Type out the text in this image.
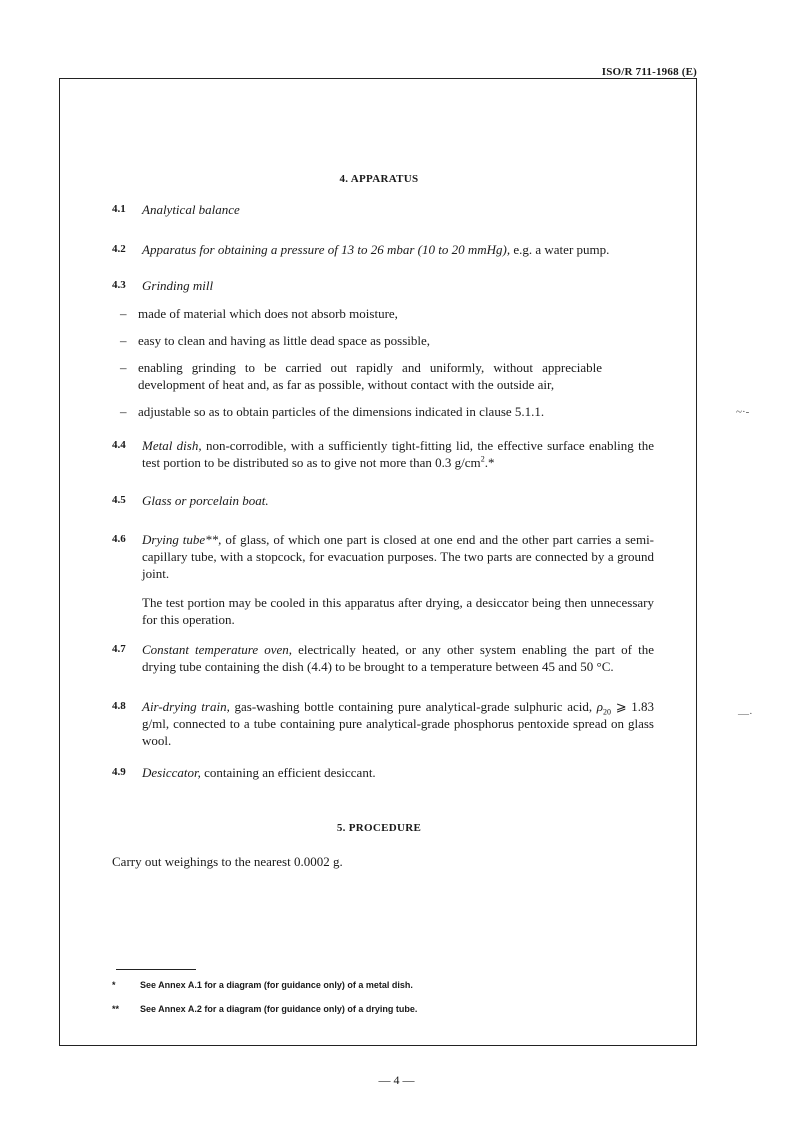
ISO/R 711-1968 (E)
4. APPARATUS
4.1 Analytical balance
4.2 Apparatus for obtaining a pressure of 13 to 26 mbar (10 to 20 mmHg), e.g. a water pump.
4.3 Grinding mill
– made of material which does not absorb moisture,
– easy to clean and having as little dead space as possible,
– enabling grinding to be carried out rapidly and uniformly, without appreciable development of heat and, as far as possible, without contact with the outside air,
– adjustable so as to obtain particles of the dimensions indicated in clause 5.1.1.
4.4 Metal dish, non-corrodible, with a sufficiently tight-fitting lid, the effective surface enabling the test portion to be distributed so as to give not more than 0.3 $g/cm^2.*$
4.5 Glass or porcelain boat.
4.6 Drying tube**, of glass, of which one part is closed at one end and the other part carries a semi-capillary tube, with a stopcock, for evacuation purposes. The two parts are connected by a ground joint.

The test portion may be cooled in this apparatus after drying, a desiccator being then unnecessary for this operation.

4.7 Constant temperature oven, electrically heated, or any other system enabling the part of the drying tube containing the dish (4.4) to be brought to a temperature between 45 and 50 °C.
4.8 Air-drying train, gas-washing bottle containing pure analytical-grade sulphuric acid, $\rho_{20}$ ⩾ 1.83 g/ml, connected to a tube containing pure analytical-grade phosphorus pentoxide spread on glass wool.
4.9 Desiccator, containing an efficient desiccant.
5. PROCEDURE
Carry out weighings to the nearest 0.0002 g.
*	See Annex A.1 for a diagram (for guidance only) of a metal dish.
** See Annex A.2 for a diagram (for guidance only) of a drying tube.
— 4 —
~·-
—·
